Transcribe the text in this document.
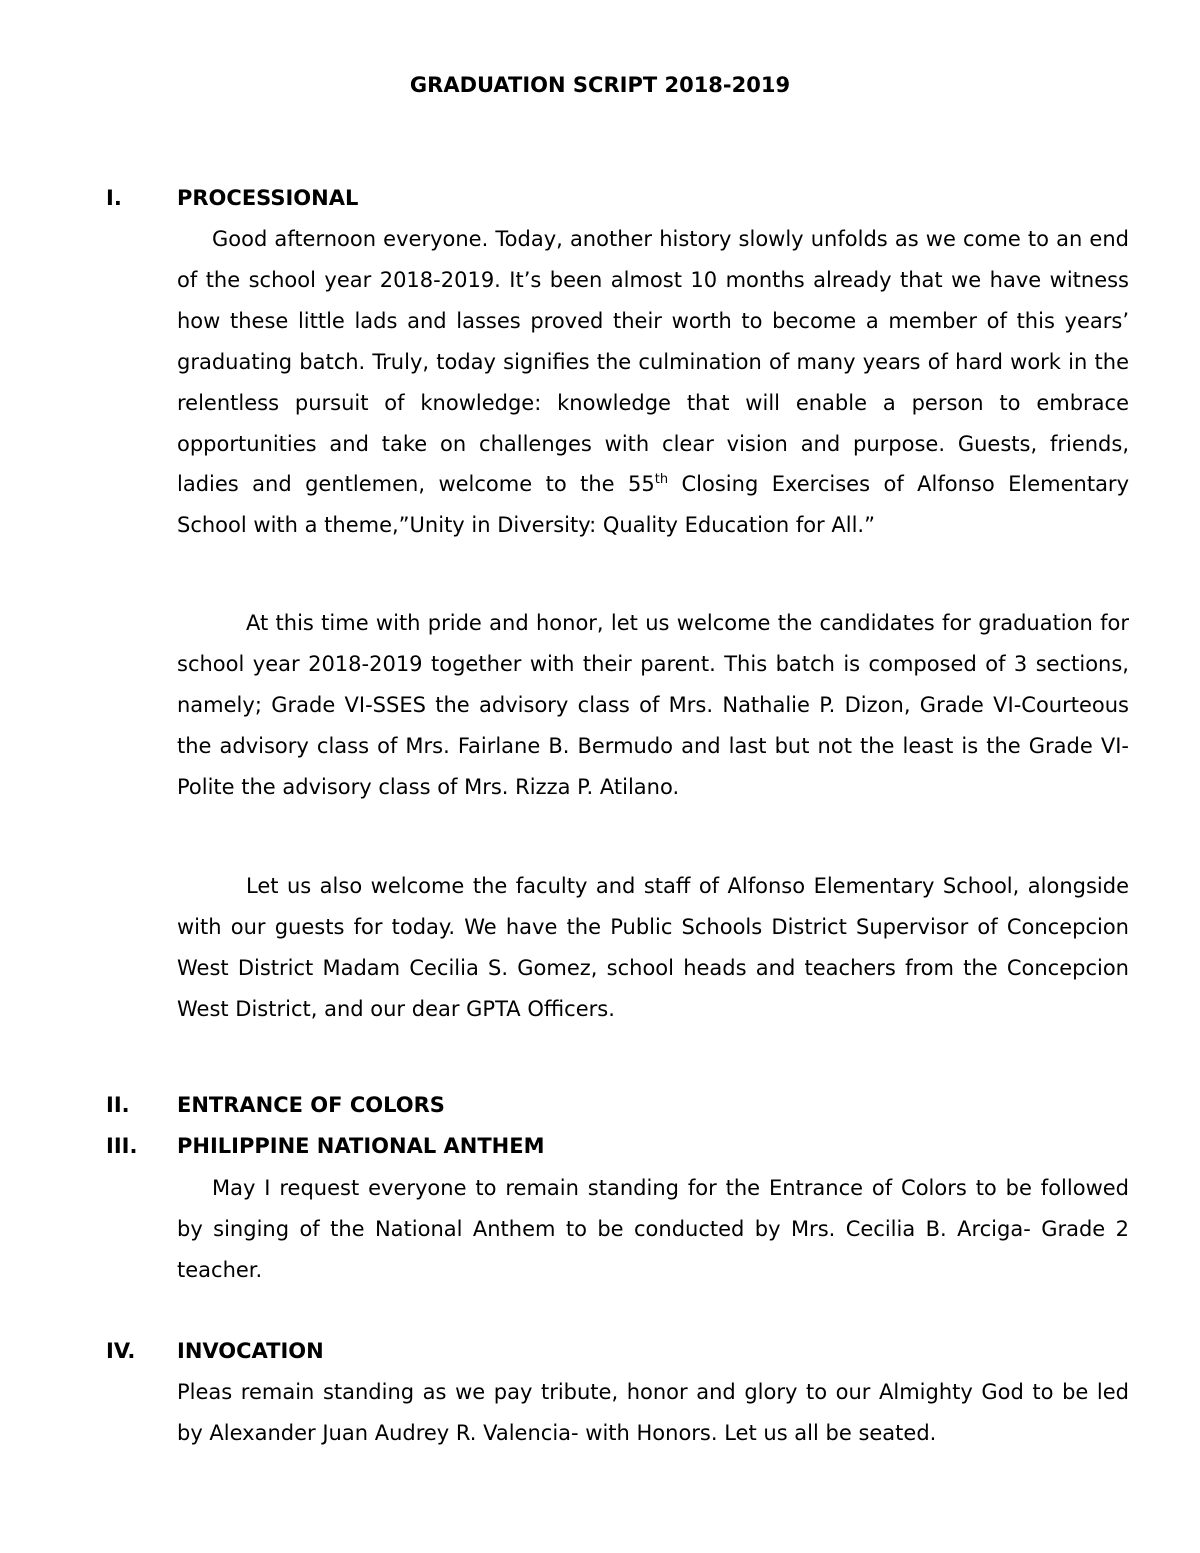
GRADUATION SCRIPT 2018-2019
I.	PROCESSIONAL

Good afternoon everyone. Today, another history slowly unfolds as we come to an end of the school year 2018-2019. It’s been almost 10 months already that we have witness how these little lads and lasses proved their worth to become a member of this years’ graduating batch. Truly, today signifies the culmination of many years of hard work in the relentless pursuit of knowledge: knowledge that will enable a person to embrace opportunities and take on challenges with clear vision and purpose. Guests, friends, ladies and gentlemen, welcome to the 55th Closing Exercises of Alfonso Elementary School with a theme,”Unity in Diversity: Quality Education for All.”

At this time with pride and honor, let us welcome the candidates for graduation for school year 2018-2019 together with their parent. This batch is composed of 3 sections, namely; Grade VI-SSES the advisory class of Mrs. Nathalie P. Dizon, Grade VI-Courteous the advisory class of Mrs. Fairlane B. Bermudo and last but not the least is the Grade VI- Polite the advisory class of Mrs. Rizza P. Atilano.

Let us also welcome the faculty and staff of Alfonso Elementary School, alongside with our guests for today. We have the Public Schools District Supervisor of Concepcion West District Madam Cecilia S. Gomez, school heads and teachers from the Concepcion West District, and our dear GPTA Officers.

II. ENTRANCE OF COLORS
III. PHILIPPINE NATIONAL ANTHEM

May I request everyone to remain standing for the Entrance of Colors to be followed by singing of the National Anthem to be conducted by Mrs. Cecilia B. Arciga- Grade 2 teacher.

IV. INVOCATION

Pleas remain standing as we pay tribute, honor and glory to our Almighty God to be led by Alexander Juan Audrey R. Valencia- with Honors. Let us all be seated.
